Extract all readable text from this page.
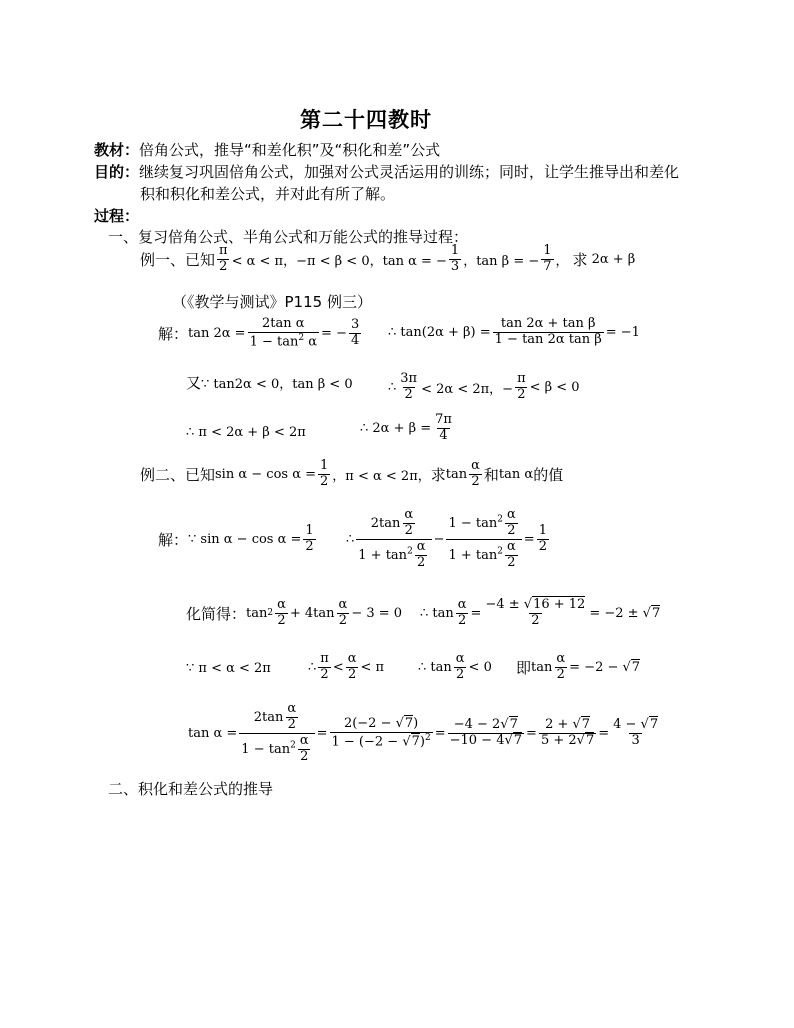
第二十四教时
教材：倍角公式，推导“和差化积”及“积化和差”公式
目的：继续复习巩固倍角公式，加强对公式灵活运用的训练；同时，让学生推导出和差化
积和积化和差公式，并对此有所了解。
过程：
一、复习倍角公式、半角公式和万能公式的推导过程：
例一、已知 $\frac{\pi}{2} < \alpha < \pi$，−π < β < 0，tan α = − $\frac{1}{3}$ ，tan β = − $\frac{1}{7}$ ， 求 2α + β
（《教学与测试》P115 例三）
解： $\tan 2\alpha = \frac{\text{2tan α}}{1 - \tan^2 \alpha}$ = − $\frac{3}{4}$ ∴ $\tan(2\alpha + \beta) = \frac{\text{tan 2α + tan β}}{\text{1 − tan 2α tan β}} = -1$
又 ∵ tan2α < 0，tan β < 0	∴ $\frac{3\pi}{2} < 2\alpha < 2\pi$，− $\frac{\pi}{2} < \beta < 0$
∴ π < 2α + β < 2π	∴ $2\alpha + \beta = \frac{7\pi}{4}$
例二、已知 $\sin \alpha - \cos \alpha = \frac{1}{2}$ ，π < α < 2π， 求 $\tan \frac{\alpha}{2}$ 和 tan α 的值
解： ∵ $\sin \alpha - \cos \alpha = \frac{1}{2}$ ∴ $\frac{2\tan \frac{\alpha}{2}}{1 + \tan^2 \frac{\alpha}{2}} - \frac{1 - \tan^2 \frac{\alpha}{2}}{1 + \tan^2 \frac{\alpha}{2}} = \frac{1}{2}$
化简得： $\tan 2 \frac{\alpha}{2} + 4\tan \frac{\alpha}{2} - 3 = 0$ ∴ $\tan \frac{\alpha}{2} = \frac{-4 \pm √16 + 12}{2} = -2$ ± √ 7
∵ π < α < 2π	∴ $\frac{\pi}{2} < \frac{\alpha}{2} < \pi$	∴ $\tan \frac{\alpha}{2} < 0$ 即 $\tan \frac{\alpha}{2} = -2$ − √ 7
$\tan \alpha = \frac{2\tan \frac{\alpha}{2}}{1 - \tan^2 \frac{\alpha}{2}} = \frac{2(-2 - √7)}{1 - (-2 - √7)^2} = \frac{-4 - 2√7}{-10 - 4√7} = \frac{2 + √7}{5 + 2√7} = \frac{4 - √7}{3}$
二、积化和差公式的推导
